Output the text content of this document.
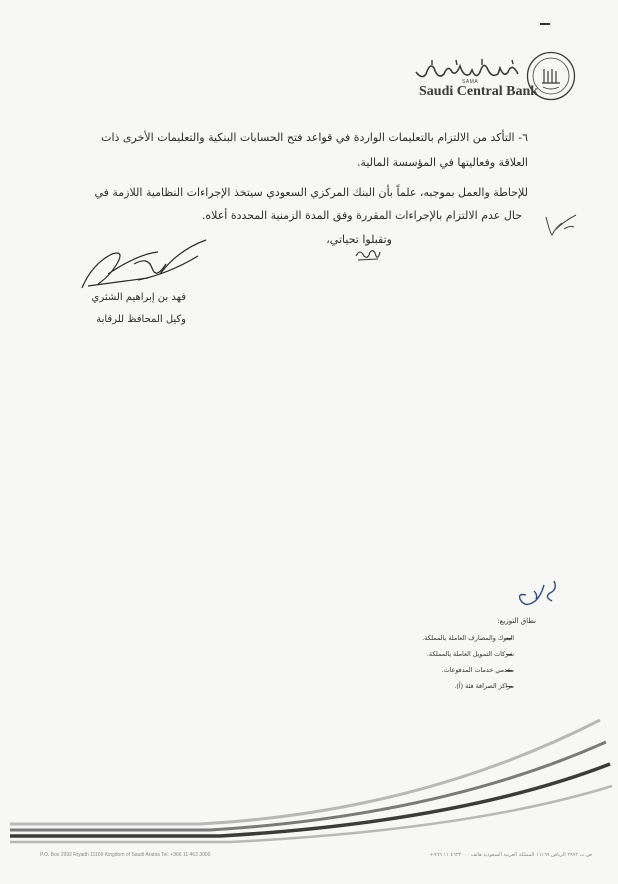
SAMA
Saudi Central Bank
٦- التأكد من الالتزام بالتعليمات الواردة في قواعد فتح الحسابات البنكية والتعليمات الأخرى ذات
العلاقة وفعاليتها في المؤسسة المالية.
للإحاطة والعمل بموجبه، علماً بأن البنك المركزي السعودي سيتخذ الإجراءات النظامية اللازمة في
حال عدم الالتزام بالإجراءات المقررة وفق المدة الزمنية المحددة أعلاه.
وتقبلوا تحياتي،
فهد بن إبراهيم الشثري
وكيل المحافظ للرقابة
نطاق التوزيع:
البنوك والمصارف العاملة بالمملكة.
شركات التمويل العاملة بالمملكة.
مقدمي خدمات المدفوعات.
مراكز الصرافة فئة (أ).
P.O. Box 2992 Riyadh 11169 Kingdom of Saudi Arabia Tel: +966 11 463 3000	ص.ب ٢٩٩٢ الرياض ١١١٦٩ المملكة العربية السعودية هاتف ٤٦٣٣٠٠٠ ١١ ٩٦٦+
